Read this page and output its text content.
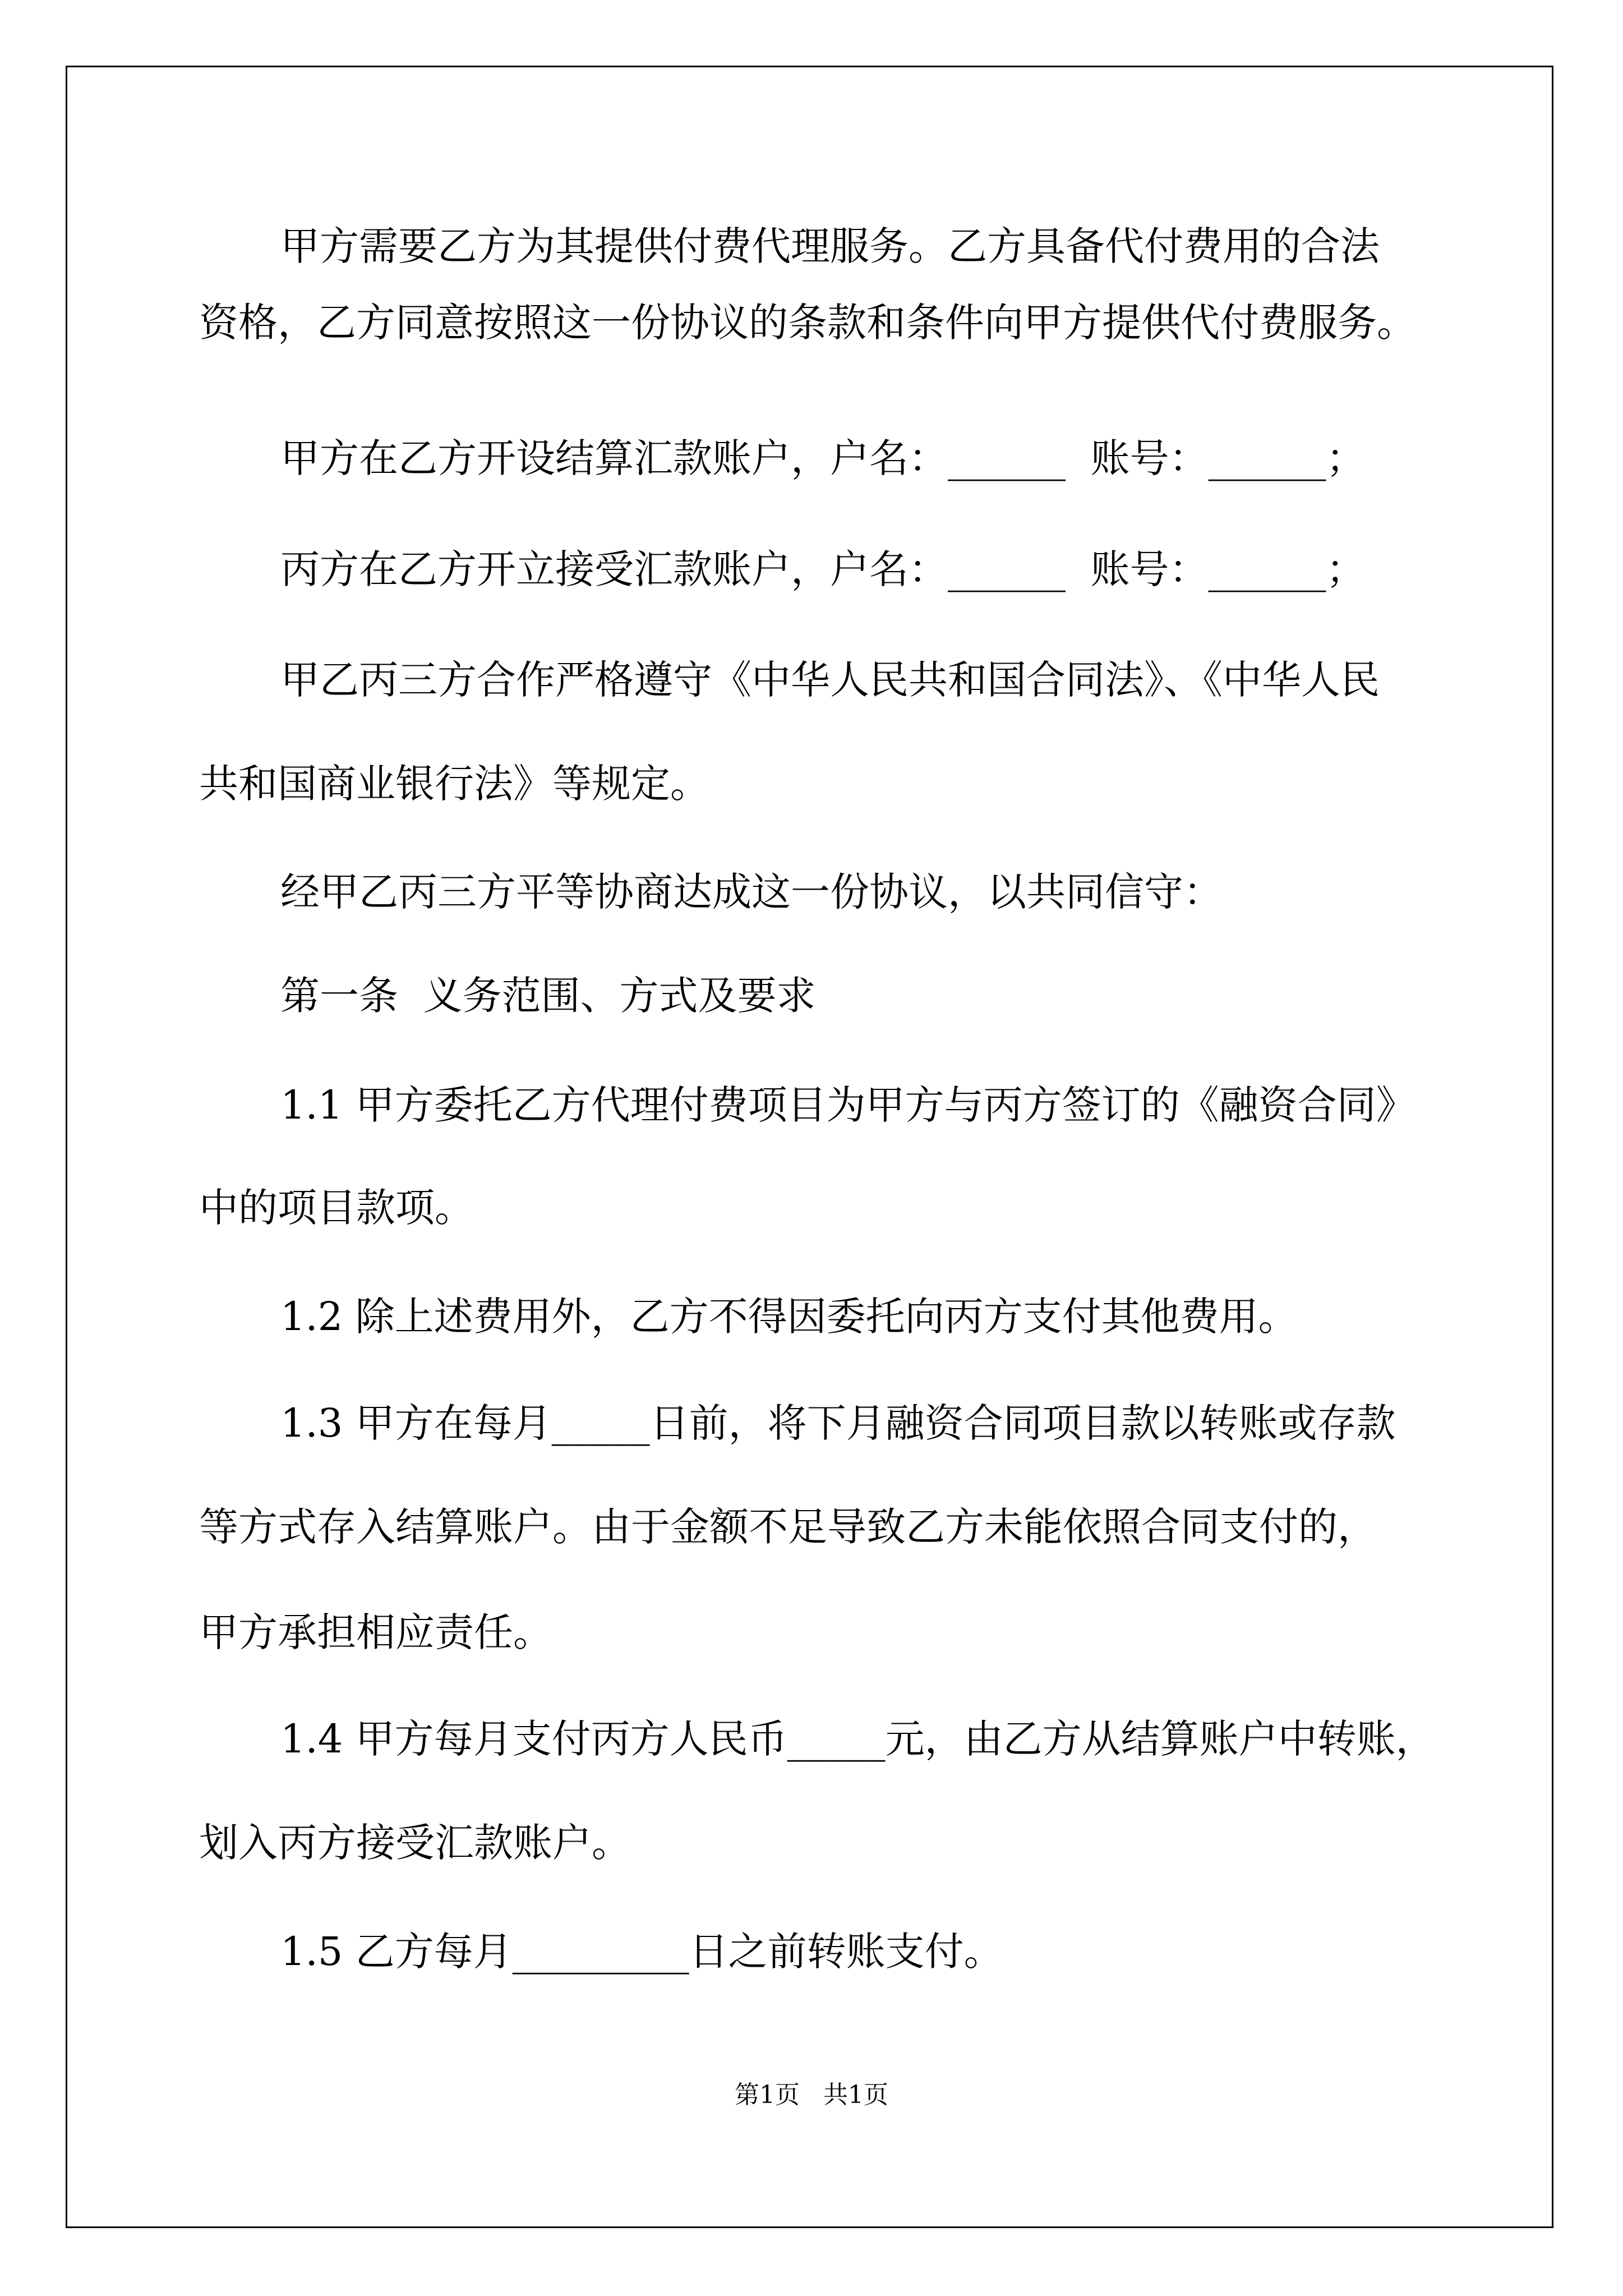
甲方需要乙方为其提供付费代理服务。乙方具备代付费用的合法
资格，乙方同意按照这一份协议的条款和条件向甲方提供代付费服务。
甲方在乙方开设结算汇款账户，户名：______  账号：______；
丙方在乙方开立接受汇款账户，户名：______  账号：______；
甲乙丙三方合作严格遵守《中华人民共和国合同法》、《中华人民
共和国商业银行法》等规定。
经甲乙丙三方平等协商达成这一份协议，以共同信守：
第一条  义务范围、方式及要求
1.1 甲方委托乙方代理付费项目为甲方与丙方签订的《融资合同》
中的项目款项。
1.2 除上述费用外，乙方不得因委托向丙方支付其他费用。
1.3 甲方在每月_____日前，将下月融资合同项目款以转账或存款
等方式存入结算账户。由于金额不足导致乙方未能依照合同支付的，
甲方承担相应责任。
1.4 甲方每月支付丙方人民币_____元，由乙方从结算账户中转账，
划入丙方接受汇款账户。
1.5 乙方每月_________日之前转账支付。
第1页   共1页
